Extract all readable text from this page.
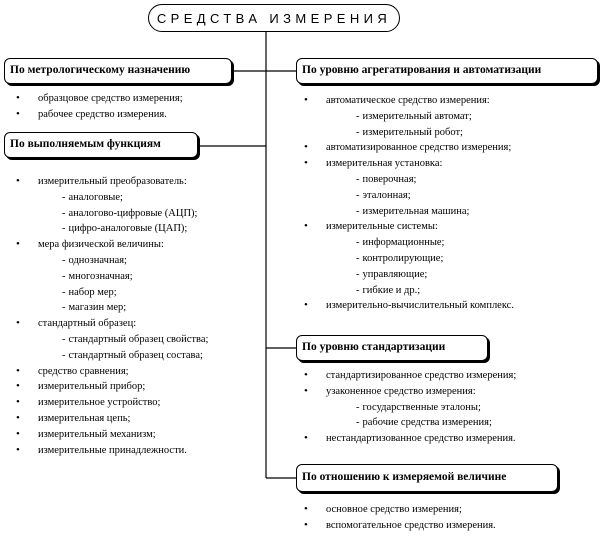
СРЕДСТВА ИЗМЕРЕНИЯ
По метрологическому назначению
По выполняемым функциям
По уровню агрегатирования и автоматизации
По уровню стандартизации
По отношению к измеряемой величине
• образцовое средство измерения;
• рабочее средство измерения.
• измерительный преобразователь:
- аналоговые;
- аналогово-цифровые (АЦП);
- цифро-аналоговые (ЦАП);
• мера физической величины:
- однозначная;
- многозначная;
- набор мер;
- магазин мер;
• стандартный образец:
- стандартный образец свойства;
- стандартный образец состава;
• средство сравнения;
• измерительный прибор;
• измерительное устройство;
• измерительная цепь;
• измерительный механизм;
• измерительные принадлежности.
• автоматическое средство измерения:
- измерительный автомат;
- измерительный робот;
• автоматизированное средство измерения;
• измерительная установка:
- поверочная;
- эталонная;
- измерительная машина;
• измерительные системы:
- информационные;
- контролирующие;
- управляющие;
- гибкие и др.;
• измерительно-вычислительный комплекс.
• стандартизированное средство измерения;
• узаконенное средство измерения:
- государственные эталоны;
- рабочие средства измерения;
• нестандартизованное средство измерения.
• основное средство измерения;
• вспомогательное средство измерения.
